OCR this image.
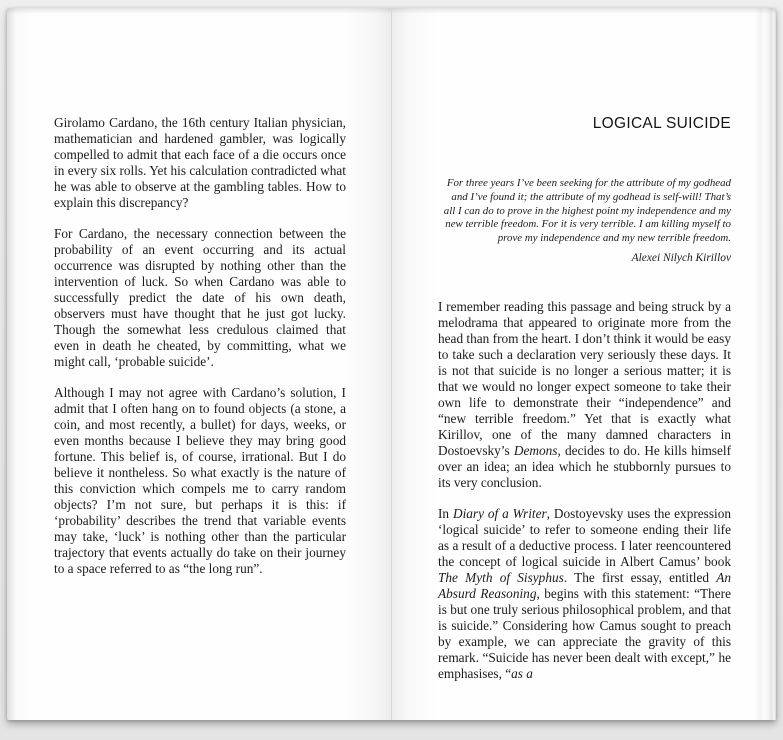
Girolamo Cardano, the 16th century Italian physician, mathematician and hardened gambler, was logically compelled to admit that each face of a die occurs once in every six rolls. Yet his calculation contradicted what he was able to observe at the gambling tables. How to explain this discrepancy?

For Cardano, the necessary connection between the probability of an event occurring and its actual occurrence was disrupted by nothing other than the intervention of luck. So when Cardano was able to successfully predict the date of his own death, observers must have thought that he just got lucky. Though the somewhat less credulous claimed that even in death he cheated, by committing, what we might call, ‘probable suicide’.

Although I may not agree with Cardano’s solution, I admit that I often hang on to found objects (a stone, a coin, and most recently, a bullet) for days, weeks, or even months because I believe they may bring good fortune. This belief is, of course, irrational. But I do believe it nontheless. So what exactly is the nature of this conviction which compels me to carry random objects? I’m not sure, but perhaps it is this: if ‘probability’ describes the trend that variable events may take, ‘luck’ is nothing other than the particular trajectory that events actually do take on their journey to a space referred to as “the long run”.

LOGICAL SUICIDE
For three years I’ve been seeking for the attribute of my godhead
and I’ve found it; the attribute of my godhead is self-will! That’s
all I can do to prove in the highest point my independence and my
new terrible freedom. For it is very terrible. I am killing myself to
prove my independence and my new terrible freedom.
Alexei Nilych Kirillov

I remember reading this passage and being struck by a melodrama that appeared to originate more from the head than from the heart. I don’t think it would be easy to take such a declaration very seriously these days. It is not that suicide is no longer a serious matter; it is that we would no longer expect someone to take their own life to demonstrate their “independence” and “new terrible freedom.” Yet that is exactly what Kirillov, one of the many damned characters in Dostoevsky’s Demons, decides to do. He kills himself over an idea; an idea which he stubbornly pursues to its very conclusion.

In Diary of a Writer, Dostoyevsky uses the expression ‘logical suicide’ to refer to someone ending their life as a result of a deductive process. I later reencountered the concept of logical suicide in Albert Camus’ book The Myth of Sisyphus. The first essay, entitled An Absurd Reasoning, begins with this statement: “There is but one truly serious philosophical problem, and that is suicide.” Considering how Camus sought to preach by example, we can appreciate the gravity of this remark. “Suicide has never been dealt with except,” he emphasises, “as a
